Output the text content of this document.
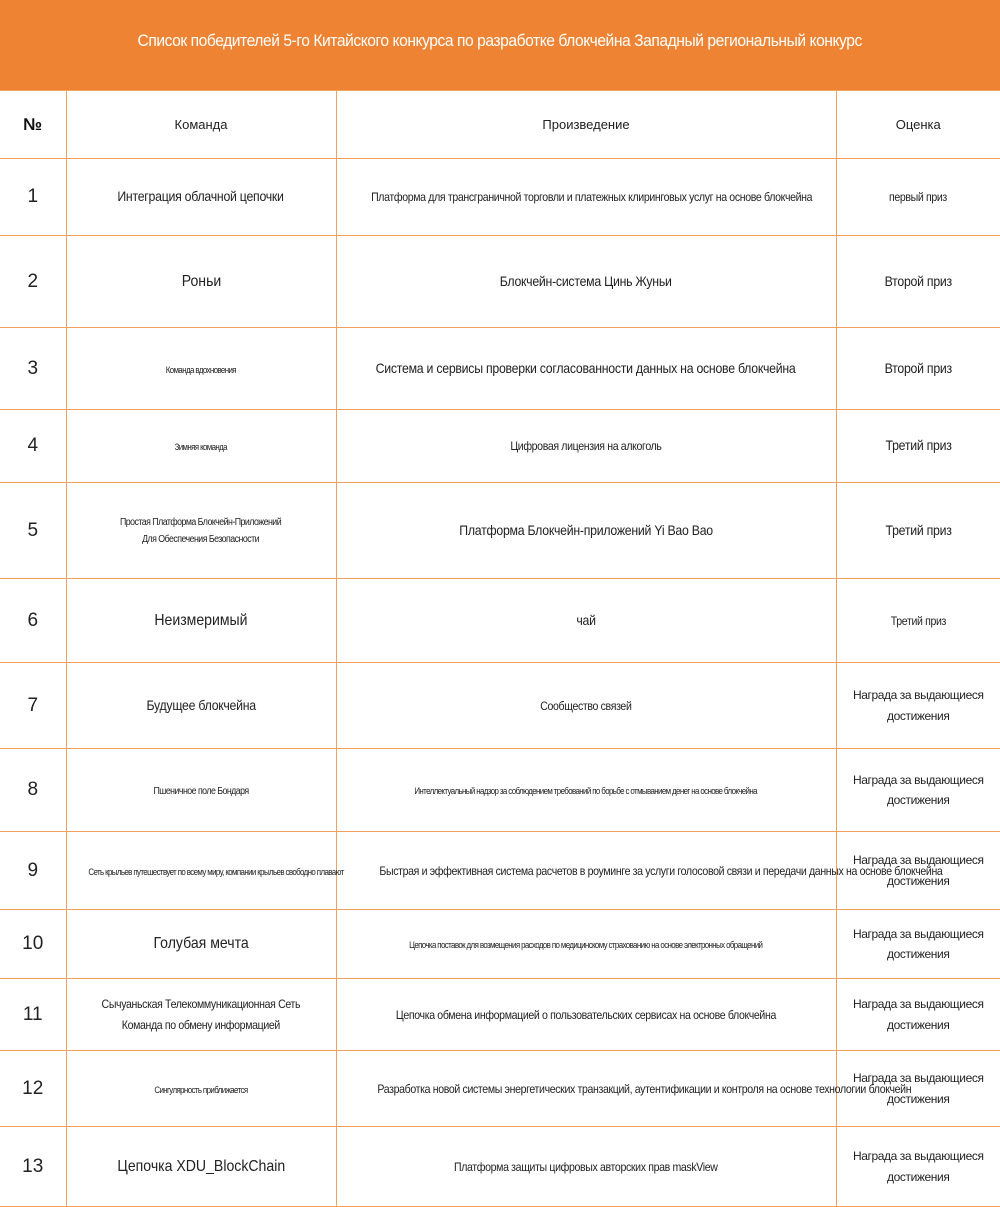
Список победителей 5-го Китайского конкурса по разработке блокчейна Западный региональный конкурс
№	Команда	Произведение	Оценка
1	Интеграция облачной цепочки	Платформа для трансграничной торговли и платежных клиринговых услуг на основе блокчейна	первый приз
2	Роньи	Блокчейн-система Цинь Жуньи	Второй приз
3	Команда вдохновения	Система и сервисы проверки согласованности данных на основе блокчейна	Второй приз
4	Зимняя команда	Цифровая лицензия на алкоголь	Третий приз
5	Простая Платформа Блокчейн-Приложений
Для Обеспечения Безопасности	Платформа Блокчейн-приложений Yi Bao Bao	Третий приз
6	Неизмеримый	чай	Третий приз
7	Будущее блокчейна	Сообщество связей	Награда за выдающиеся
достижения

8	Пшеничное поле Бондаря	Интеллектуальный надзор за соблюдением требований по борьбе с отмыванием денег на основе блокчейна	Награда за выдающиеся
достижения

9	Сеть крыльев путешествует по всему миру, компании крыльев свободно плавают	Быстрая и эффективная система расчетов в роуминге за услуги голосовой связи и передачи данных на основе блокчейна	Награда за выдающиеся
достижения

10	Голубая мечта	Цепочка поставок для возмещения расходов по медицинскому страхованию на основе электронных обращений	Награда за выдающиеся
достижения

11	Сычуаньская Телекоммуникационная Сеть
Команда по обмену информацией	Цепочка обмена информацией о пользовательских сервисах на основе блокчейна	Награда за выдающиеся
достижения

12	Сингулярность приближается	Разработка новой системы энергетических транзакций, аутентификации и контроля на основе технологии блокчейн	Награда за выдающиеся
достижения

13	Цепочка XDU_BlockChain	Платформа защиты цифровых авторских прав maskView	Награда за выдающиеся
достижения
